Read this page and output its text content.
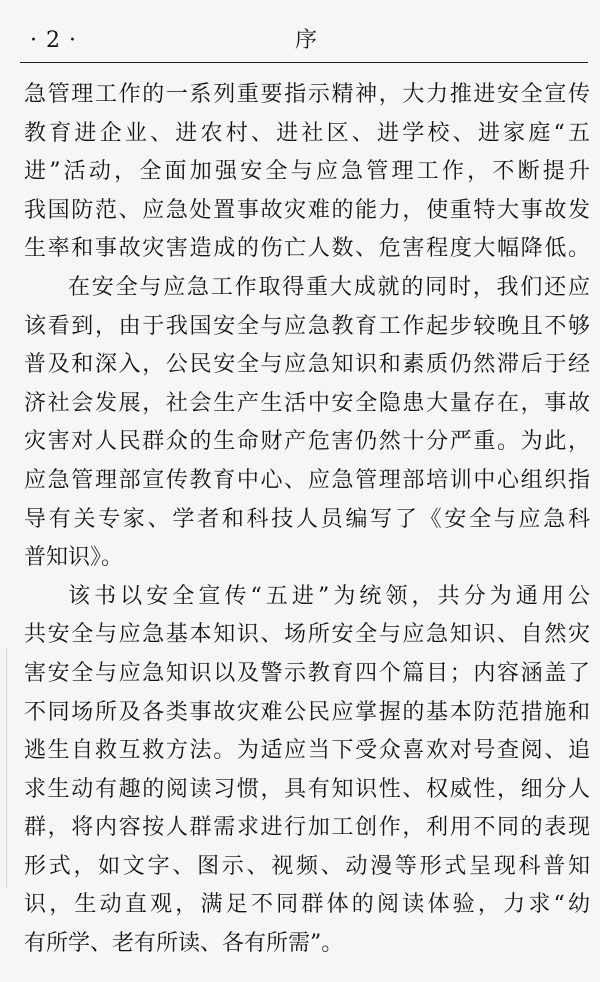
· 2 ·	序
急管理工作的一系列重要指示精神，大力推进安全宣传
教育进企业、进农村、进社区、进学校、进家庭“五
进”活动，全面加强安全与应急管理工作，不断提升
我国防范、应急处置事故灾难的能力，使重特大事故发
生率和事故灾害造成的伤亡人数、危害程度大幅降低。
在安全与应急工作取得重大成就的同时，我们还应
该看到，由于我国安全与应急教育工作起步较晚且不够
普及和深入，公民安全与应急知识和素质仍然滞后于经
济社会发展，社会生产生活中安全隐患大量存在，事故
灾害对人民群众的生命财产危害仍然十分严重。为此，
应急管理部宣传教育中心、应急管理部培训中心组织指
导有关专家、学者和科技人员编写了《安全与应急科
普知识》。
该书以安全宣传“五进”为统领，共分为通用公
共安全与应急基本知识、场所安全与应急知识、自然灾
害安全与应急知识以及警示教育四个篇目；内容涵盖了
不同场所及各类事故灾难公民应掌握的基本防范措施和
逃生自救互救方法。为适应当下受众喜欢对号查阅、追
求生动有趣的阅读习惯，具有知识性、权威性，细分人
群，将内容按人群需求进行加工创作，利用不同的表现
形式，如文字、图示、视频、动漫等形式呈现科普知
识，生动直观，满足不同群体的阅读体验，力求“幼
有所学、老有所读、各有所需”。
